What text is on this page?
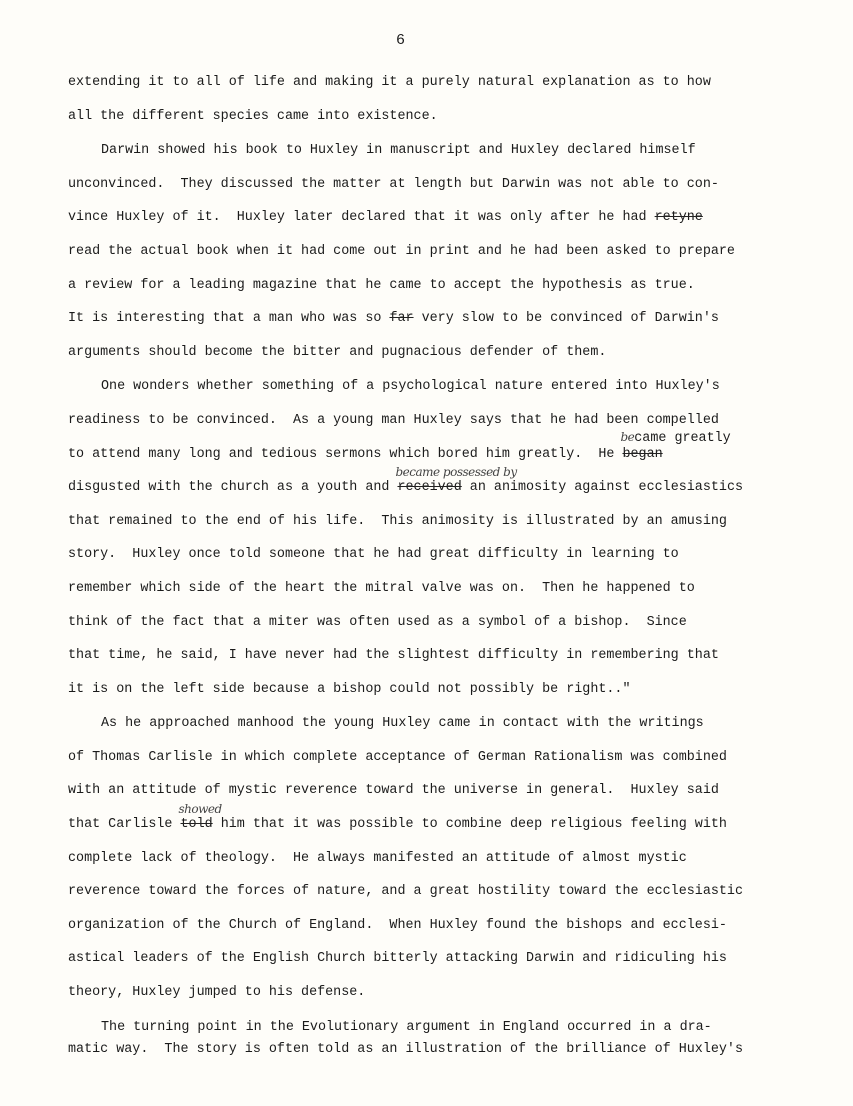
6
extending it to all of life and making it a purely natural explanation as to how
all the different species came into existence.
Darwin showed his book to Huxley in manuscript and Huxley declared himself
unconvinced.  They discussed the matter at length but Darwin was not able to con-
vince Huxley of it.  Huxley later declared that it was only after he had retyne
read the actual book when it had come out in print and he had been asked to prepare
a review for a leading magazine that he came to accept the hypothesis as true.
It is interesting that a man who was so far very slow to be convinced of Darwin's
arguments should become the bitter and pugnacious defender of them.
One wonders whether something of a psychological nature entered into Huxley's
readiness to be convinced.  As a young man Huxley says that he had been compelled
to attend many long and tedious sermons which bored him greatly.  He began
became greatly
disgusted with the church as a youth and received
became possessed by
an animosity against ecclesiastics
that remained to the end of his life.  This animosity is illustrated by an amusing
story.  Huxley once told someone that he had great difficulty in learning to
remember which side of the heart the mitral valve was on.  Then he happened to
think of the fact that a miter was often used as a symbol of a bishop.  Since
that time, he said, I have never had the slightest difficulty in remembering that
it is on the left side because a bishop could not possibly be right.."
As he approached manhood the young Huxley came in contact with the writings
of Thomas Carlisle in which complete acceptance of German Rationalism was combined
with an attitude of mystic reverence toward the universe in general.  Huxley said
that Carlisle told
showed
him that it was possible to combine deep religious feeling with
complete lack of theology.  He always manifested an attitude of almost mystic
reverence toward the forces of nature, and a great hostility toward the ecclesiastic
organization of the Church of England.  When Huxley found the bishops and ecclesi-
astical leaders of the English Church bitterly attacking Darwin and ridiculing his
theory, Huxley jumped to his defense.
The turning point in the Evolutionary argument in England occurred in a dra-
matic way.  The story is often told as an illustration of the brilliance of Huxley's
